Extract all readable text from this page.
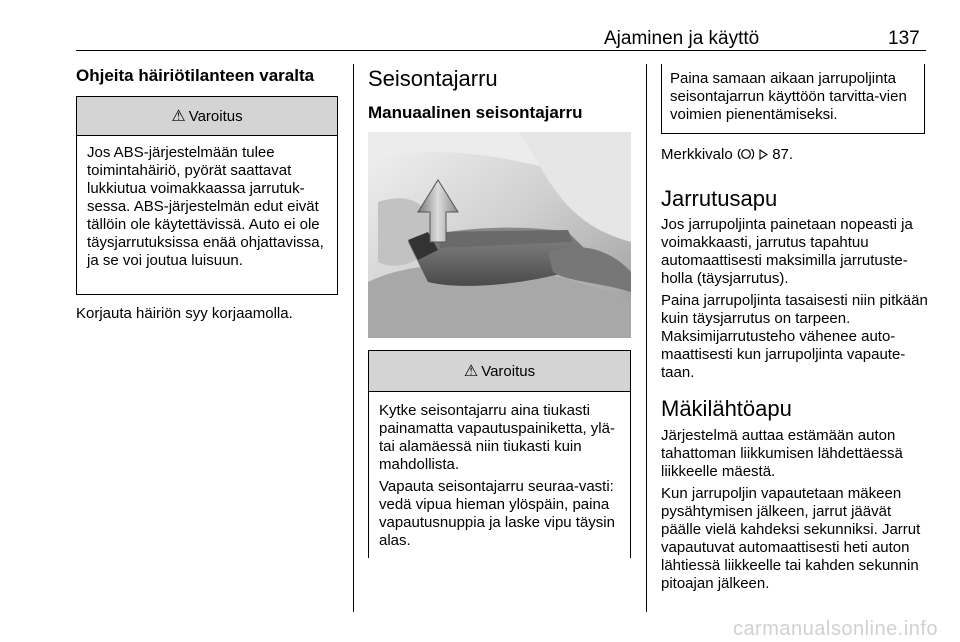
Ajaminen ja käyttö	137
Ohjeita häiriötilanteen varalta
⚠ Varoitus

Jos ABS-järjestelmään tulee toimintahäiriö, pyörät saattavat lukkiutua voimakkaassa jarrutuk-sessa. ABS-järjestelmän edut eivät tällöin ole käytettävissä. Auto ei ole täysjarrutuksissa enää ohjattavissa, ja se voi joutua luisuun.

Korjauta häiriön syy korjaamolla.

Seisontajarru
Manuaalinen seisontajarru
⚠ Varoitus

Kytke seisontajarru aina tiukasti painamatta vapautuspainiketta, ylä- tai alamäessä niin tiukasti kuin mahdollista.

Vapauta seisontajarru seuraa-vasti: vedä vipua hieman ylöspäin, paina vapautusnuppia ja laske vipu täysin alas.

Paina samaan aikaan jarrupoljinta seisontajarrun käyttöön tarvitta-vien voimien pienentämiseksi.
Merkkivalo	87.
Jarrutusapu

Jos jarrupoljinta painetaan nopeasti ja voimakkaasti, jarrutus tapahtuu automaattisesti maksimilla jarrutuste-holla (täysjarrutus).

Paina jarrupoljinta tasaisesti niin pitkään kuin täysjarrutus on tarpeen. Maksimijarrutusteho vähenee auto-maattisesti kun jarrupoljinta vapaute-taan.

Mäkilähtöapu

Järjestelmä auttaa estämään auton tahattoman liikkumisen lähdettäessä liikkeelle mäestä.

Kun jarrupoljin vapautetaan mäkeen pysähtymisen jälkeen, jarrut jäävät päälle vielä kahdeksi sekunniksi. Jarrut vapautuvat automaattisesti heti auton lähtiessä liikkeelle tai kahden sekunnin pitoajan jälkeen.

carmanualsonline.info
